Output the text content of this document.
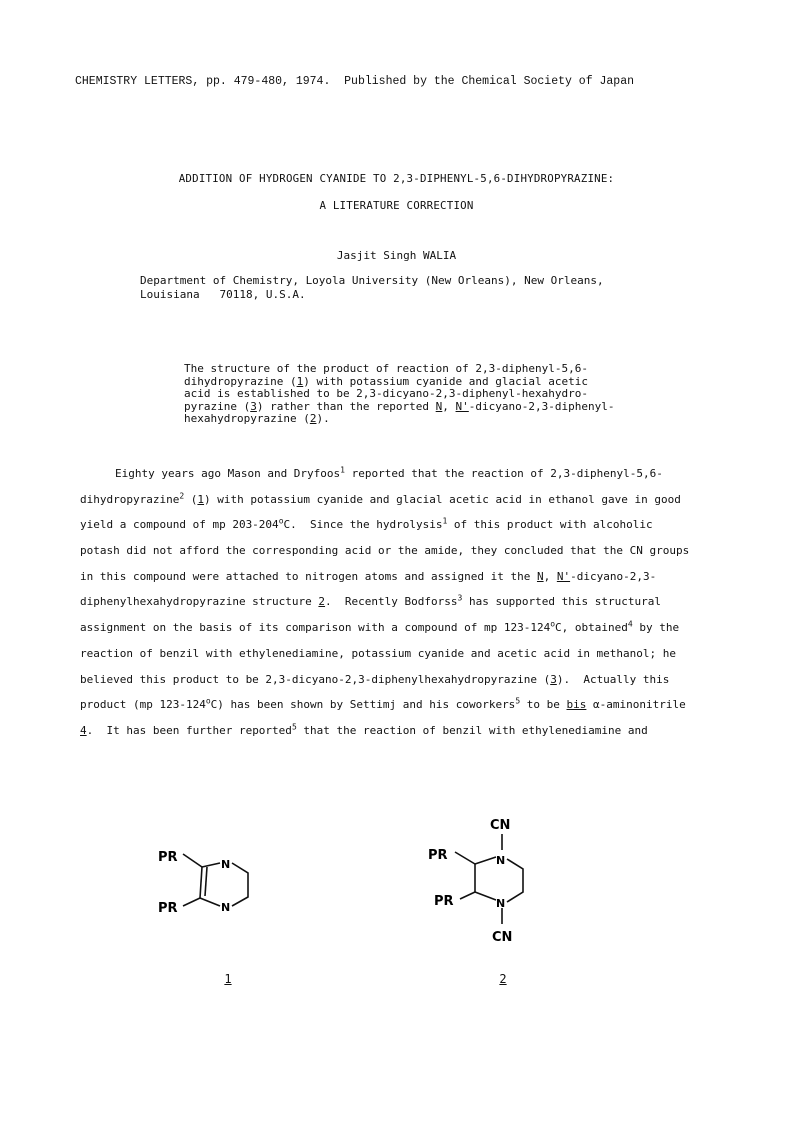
CHEMISTRY LETTERS, pp. 479-480, 1974. Published by the Chemical Society of Japan
ADDITION OF HYDROGEN CYANIDE TO 2,3-DIPHENYL-5,6-DIHYDROPYRAZINE:
A LITERATURE CORRECTION
Jasjit Singh WALIA
Department of Chemistry, Loyola University (New Orleans), New Orleans,
Louisiana   70118, U.S.A.
The structure of the product of reaction of 2,3-diphenyl-5,6-
dihydropyrazine (1) with potassium cyanide and glacial acetic
acid is established to be 2,3-dicyano-2,3-diphenyl-hexahydro-
pyrazine (3) rather than the reported N, N'-dicyano-2,3-diphenyl-
hexahydropyrazine (2).
Eighty years ago Mason and Dryfoos$^1$ reported that the reaction of 2,3-diphenyl-5,6-
dihydropyrazine$^2$ (1) with potassium cyanide and glacial acetic acid in ethanol gave in good
yield a compound of mp 203-204$^o$C.  Since the hydrolysis$^1$ of this product with alcoholic
potash did not afford the corresponding acid or the amide, they concluded that the CN groups
in this compound were attached to nitrogen atoms and assigned it the N, N'-dicyano-2,3-
diphenylhexahydropyrazine structure 2.  Recently Bodforss$^3$ has supported this structural
assignment on the basis of its comparison with a compound of mp 123-124$^o$C, obtained$^4$ by the
reaction of benzil with ethylenediamine, potassium cyanide and acetic acid in methanol; he
believed this product to be 2,3-dicyano-2,3-diphenylhexahydropyrazine (3).  Actually this
product (mp 123-124$^o$C) has been shown by Settimj and his coworkers$^5$ to be bis α-aminonitrile
4.  It has been further reported$^5$ that the reaction of benzil with ethylenediamine and
PR
PR
N
N
1
CN
PR
PR
N
N
CN
2
